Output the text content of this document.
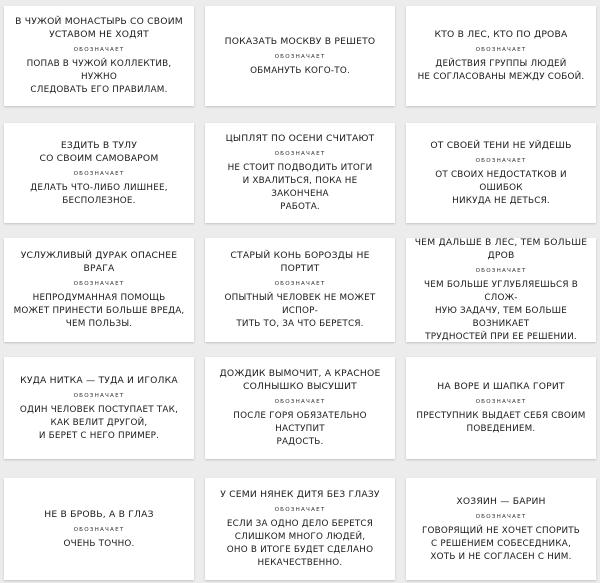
В ЧУЖОЙ МОНАСТЫРЬ СО СВОИМ
УСТАВОМ НЕ ХОДЯТ
ОБОЗНАЧАЕТ
ПОПАВ В ЧУЖОЙ КОЛЛЕКТИВ, НУЖНО
СЛЕДОВАТЬ ЕГО ПРАВИЛАМ.
ПОКАЗАТЬ МОСКВУ В РЕШЕТО
ОБОЗНАЧАЕТ
ОБМАНУТЬ КОГО-ТО.
КТО В ЛЕС, КТО ПО ДРОВА
ОБОЗНАЧАЕТ
ДЕЙСТВИЯ ГРУППЫ ЛЮДЕЙ
НЕ СОГЛАСОВАНЫ МЕЖДУ СОБОЙ.
ЕЗДИТЬ В ТУЛУ
СО СВОИМ САМОВАРОМ
ОБОЗНАЧАЕТ
ДЕЛАТЬ ЧТО-ЛИБО ЛИШНЕЕ,
БЕСПОЛЕЗНОЕ.
ЦЫПЛЯТ ПО ОСЕНИ СЧИТАЮТ
ОБОЗНАЧАЕТ
НЕ СТОИТ ПОДВОДИТЬ ИТОГИ
И ХВАЛИТЬСЯ, ПОКА НЕ ЗАКОНЧЕНА
РАБОТА.
ОТ СВОЕЙ ТЕНИ НЕ УЙДЕШЬ
ОБОЗНАЧАЕТ
ОТ СВОИХ НЕДОСТАТКОВ И ОШИБОК
НИКУДА НЕ ДЕТЬСЯ.
УСЛУЖЛИВЫЙ ДУРАК ОПАСНЕЕ ВРАГА
ОБОЗНАЧАЕТ
НЕПРОДУМАННАЯ ПОМОЩЬ
МОЖЕТ ПРИНЕСТИ БОЛЬШЕ ВРЕДА,
ЧЕМ ПОЛЬЗЫ.
СТАРЫЙ КОНЬ БОРОЗДЫ НЕ ПОРТИТ
ОБОЗНАЧАЕТ
ОПЫТНЫЙ ЧЕЛОВЕК НЕ МОЖЕТ ИСПОР-
ТИТЬ ТО, ЗА ЧТО БЕРЕТСЯ.
ЧЕМ ДАЛЬШЕ В ЛЕС, ТЕМ БОЛЬШЕ
ДРОВ
ОБОЗНАЧАЕТ
ЧЕМ БОЛЬШЕ УГЛУБЛЯЕШЬСЯ В СЛОЖ-
НУЮ ЗАДАЧУ, ТЕМ БОЛЬШЕ ВОЗНИКАЕТ
ТРУДНОСТЕЙ ПРИ ЕЕ РЕШЕНИИ.
КУДА НИТКА — ТУДА И ИГОЛКА
ОБОЗНАЧАЕТ
ОДИН ЧЕЛОВЕК ПОСТУПАЕТ ТАК,
КАК ВЕЛИТ ДРУГОЙ,
И БЕРЕТ С НЕГО ПРИМЕР.
ДОЖДИК ВЫМОЧИТ, А КРАСНОЕ
СОЛНЫШКО ВЫСУШИТ
ОБОЗНАЧАЕТ
ПОСЛЕ ГОРЯ ОБЯЗАТЕЛЬНО НАСТУПИТ
РАДОСТЬ.
НА ВОРЕ И ШАПКА ГОРИТ
ОБОЗНАЧАЕТ
ПРЕСТУПНИК ВЫДАЕТ СЕБЯ СВОИМ
ПОВЕДЕНИЕМ.
НЕ В БРОВЬ, А В ГЛАЗ
ОБОЗНАЧАЕТ
ОЧЕНЬ ТОЧНО.
У СЕМИ НЯНЕК ДИТЯ БЕЗ ГЛАЗУ
ОБОЗНАЧАЕТ
ЕСЛИ ЗА ОДНО ДЕЛО БЕРЕТСЯ
СЛИШКОМ МНОГО ЛЮДЕЙ,
ОНО В ИТОГЕ БУДЕТ СДЕЛАНО
НЕКАЧЕСТВЕННО.
ХОЗЯИН — БАРИН
ОБОЗНАЧАЕТ
ГОВОРЯЩИЙ НЕ ХОЧЕТ СПОРИТЬ
С РЕШЕНИЕМ СОБЕСЕДНИКА,
ХОТЬ И НЕ СОГЛАСЕН С НИМ.
